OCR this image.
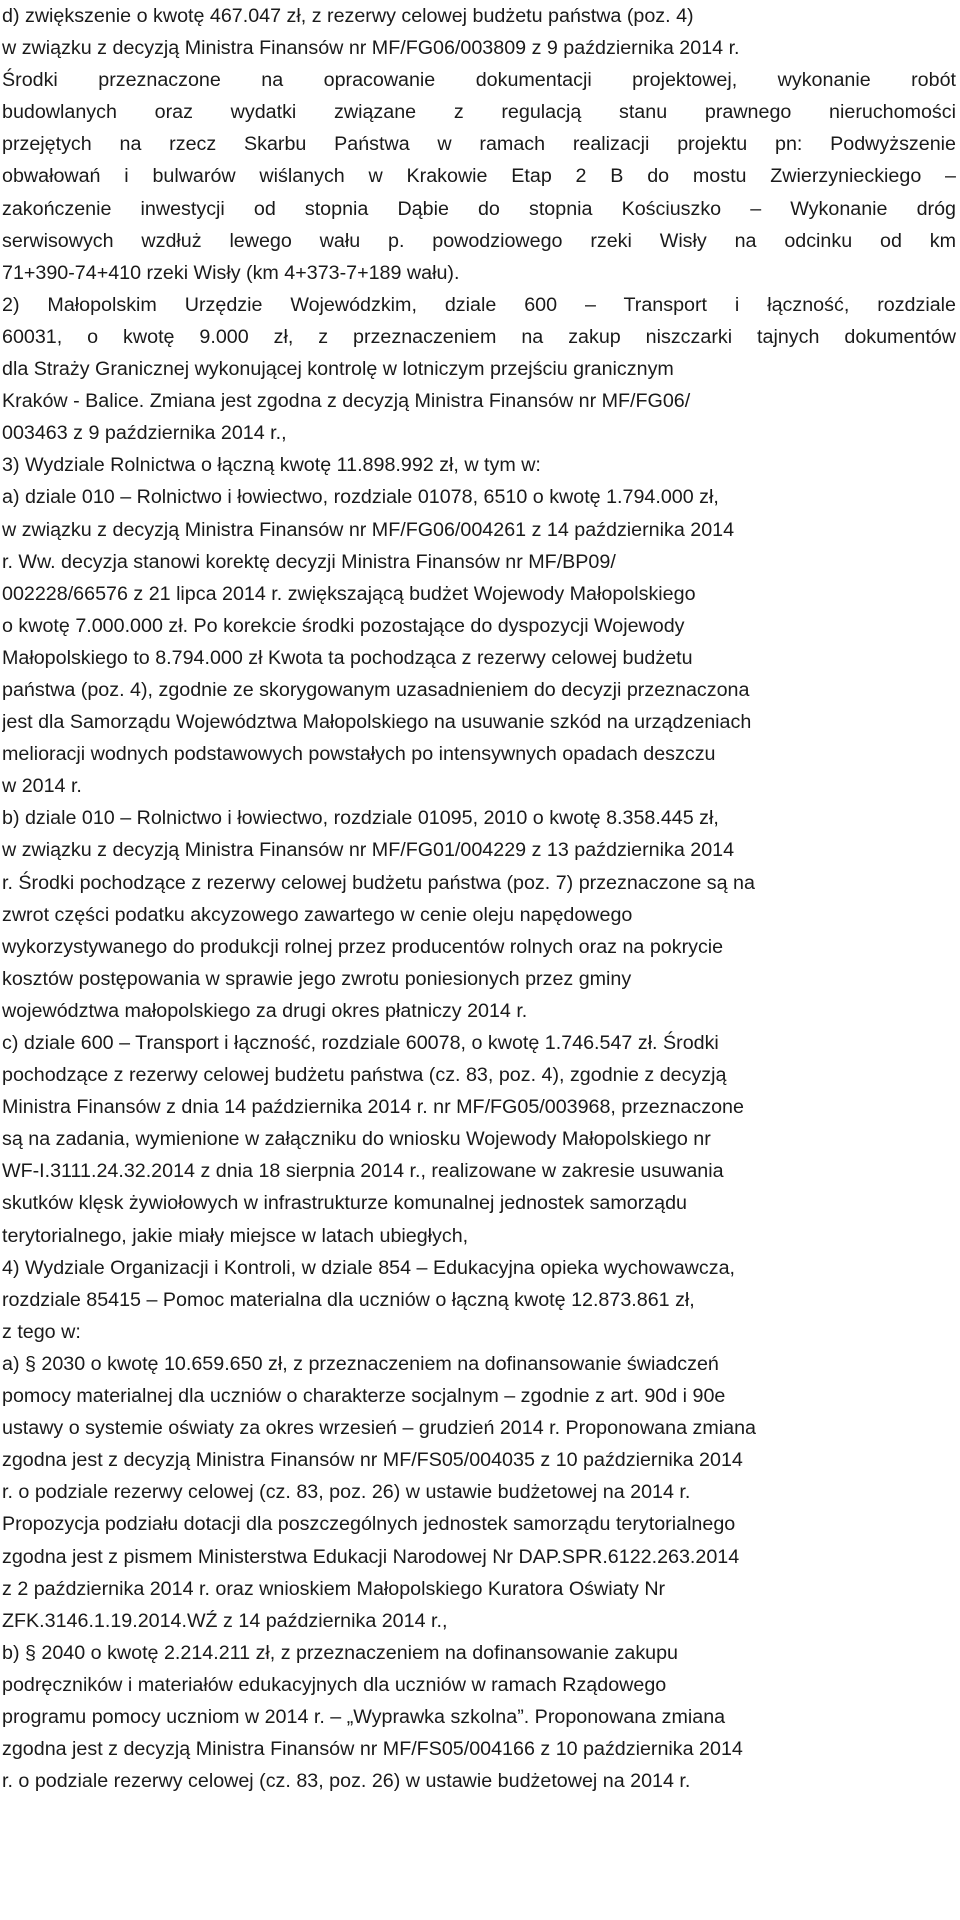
d) zwiększenie o kwotę 467.047 zł, z rezerwy celowej budżetu państwa (poz. 4)
w związku z decyzją Ministra Finansów nr MF/FG06/003809 z 9 października 2014 r.
Środki przeznaczone na opracowanie dokumentacji projektowej, wykonanie robót
budowlanych oraz wydatki związane z regulacją stanu prawnego nieruchomości
przejętych na rzecz Skarbu Państwa w ramach realizacji projektu pn: Podwyższenie
obwałowań i bulwarów wiślanych w Krakowie Etap 2 B do mostu Zwierzynieckiego –
zakończenie inwestycji od stopnia Dąbie do stopnia Kościuszko – Wykonanie dróg
serwisowych wzdłuż lewego wału p. powodziowego rzeki Wisły na odcinku od km
71+390-74+410 rzeki Wisły (km 4+373-7+189 wału).
2) Małopolskim Urzędzie Wojewódzkim, dziale 600 – Transport i łączność, rozdziale
60031, o kwotę 9.000 zł, z przeznaczeniem na zakup niszczarki tajnych dokumentów
dla Straży Granicznej wykonującej kontrolę w lotniczym przejściu granicznym
Kraków - Balice. Zmiana jest zgodna z decyzją Ministra Finansów nr MF/FG06/
003463 z 9 października 2014 r.,
3) Wydziale Rolnictwa o łączną kwotę 11.898.992 zł, w tym w:
a) dziale 010 – Rolnictwo i łowiectwo, rozdziale 01078, 6510 o kwotę 1.794.000 zł,
w związku z decyzją Ministra Finansów nr MF/FG06/004261 z 14 października 2014
r. Ww. decyzja stanowi korektę decyzji Ministra Finansów nr MF/BP09/
002228/66576 z 21 lipca 2014 r. zwiększającą budżet Wojewody Małopolskiego
o kwotę 7.000.000 zł. Po korekcie środki pozostające do dyspozycji Wojewody
Małopolskiego to 8.794.000 zł Kwota ta pochodząca z rezerwy celowej budżetu
państwa (poz. 4), zgodnie ze skorygowanym uzasadnieniem do decyzji przeznaczona
jest dla Samorządu Województwa Małopolskiego na usuwanie szkód na urządzeniach
melioracji wodnych podstawowych powstałych po intensywnych opadach deszczu
w 2014 r.
b) dziale 010 – Rolnictwo i łowiectwo, rozdziale 01095, 2010 o kwotę 8.358.445 zł,
w związku z decyzją Ministra Finansów nr MF/FG01/004229 z 13 października 2014
r. Środki pochodzące z rezerwy celowej budżetu państwa (poz. 7) przeznaczone są na
zwrot części podatku akcyzowego zawartego w cenie oleju napędowego
wykorzystywanego do produkcji rolnej przez producentów rolnych oraz na pokrycie
kosztów postępowania w sprawie jego zwrotu poniesionych przez gminy
województwa małopolskiego za drugi okres płatniczy 2014 r.
c) dziale 600 – Transport i łączność, rozdziale 60078, o kwotę 1.746.547 zł. Środki
pochodzące z rezerwy celowej budżetu państwa (cz. 83, poz. 4), zgodnie z decyzją
Ministra Finansów z dnia 14 października 2014 r. nr MF/FG05/003968, przeznaczone
są na zadania, wymienione w załączniku do wniosku Wojewody Małopolskiego nr
WF-I.3111.24.32.2014 z dnia 18 sierpnia 2014 r., realizowane w zakresie usuwania
skutków klęsk żywiołowych w infrastrukturze komunalnej jednostek samorządu
terytorialnego, jakie miały miejsce w latach ubiegłych,
4) Wydziale Organizacji i Kontroli, w dziale 854 – Edukacyjna opieka wychowawcza,
rozdziale 85415 – Pomoc materialna dla uczniów o łączną kwotę 12.873.861 zł,
z tego w:
a) § 2030 o kwotę 10.659.650 zł, z przeznaczeniem na dofinansowanie świadczeń
pomocy materialnej dla uczniów o charakterze socjalnym – zgodnie z art. 90d i 90e
ustawy o systemie oświaty za okres wrzesień – grudzień 2014 r. Proponowana zmiana
zgodna jest z decyzją Ministra Finansów nr MF/FS05/004035 z 10 października 2014
r. o podziale rezerwy celowej (cz. 83, poz. 26) w ustawie budżetowej na 2014 r.
Propozycja podziału dotacji dla poszczególnych jednostek samorządu terytorialnego
zgodna jest z pismem Ministerstwa Edukacji Narodowej Nr DAP.SPR.6122.263.2014
z 2 października 2014 r. oraz wnioskiem Małopolskiego Kuratora Oświaty Nr
ZFK.3146.1.19.2014.WŹ z 14 października 2014 r.,
b) § 2040 o kwotę 2.214.211 zł, z przeznaczeniem na dofinansowanie zakupu
podręczników i materiałów edukacyjnych dla uczniów w ramach Rządowego
programu pomocy uczniom w 2014 r. – „Wyprawka szkolna”. Proponowana zmiana
zgodna jest z decyzją Ministra Finansów nr MF/FS05/004166 z 10 października 2014
r. o podziale rezerwy celowej (cz. 83, poz. 26) w ustawie budżetowej na 2014 r.
